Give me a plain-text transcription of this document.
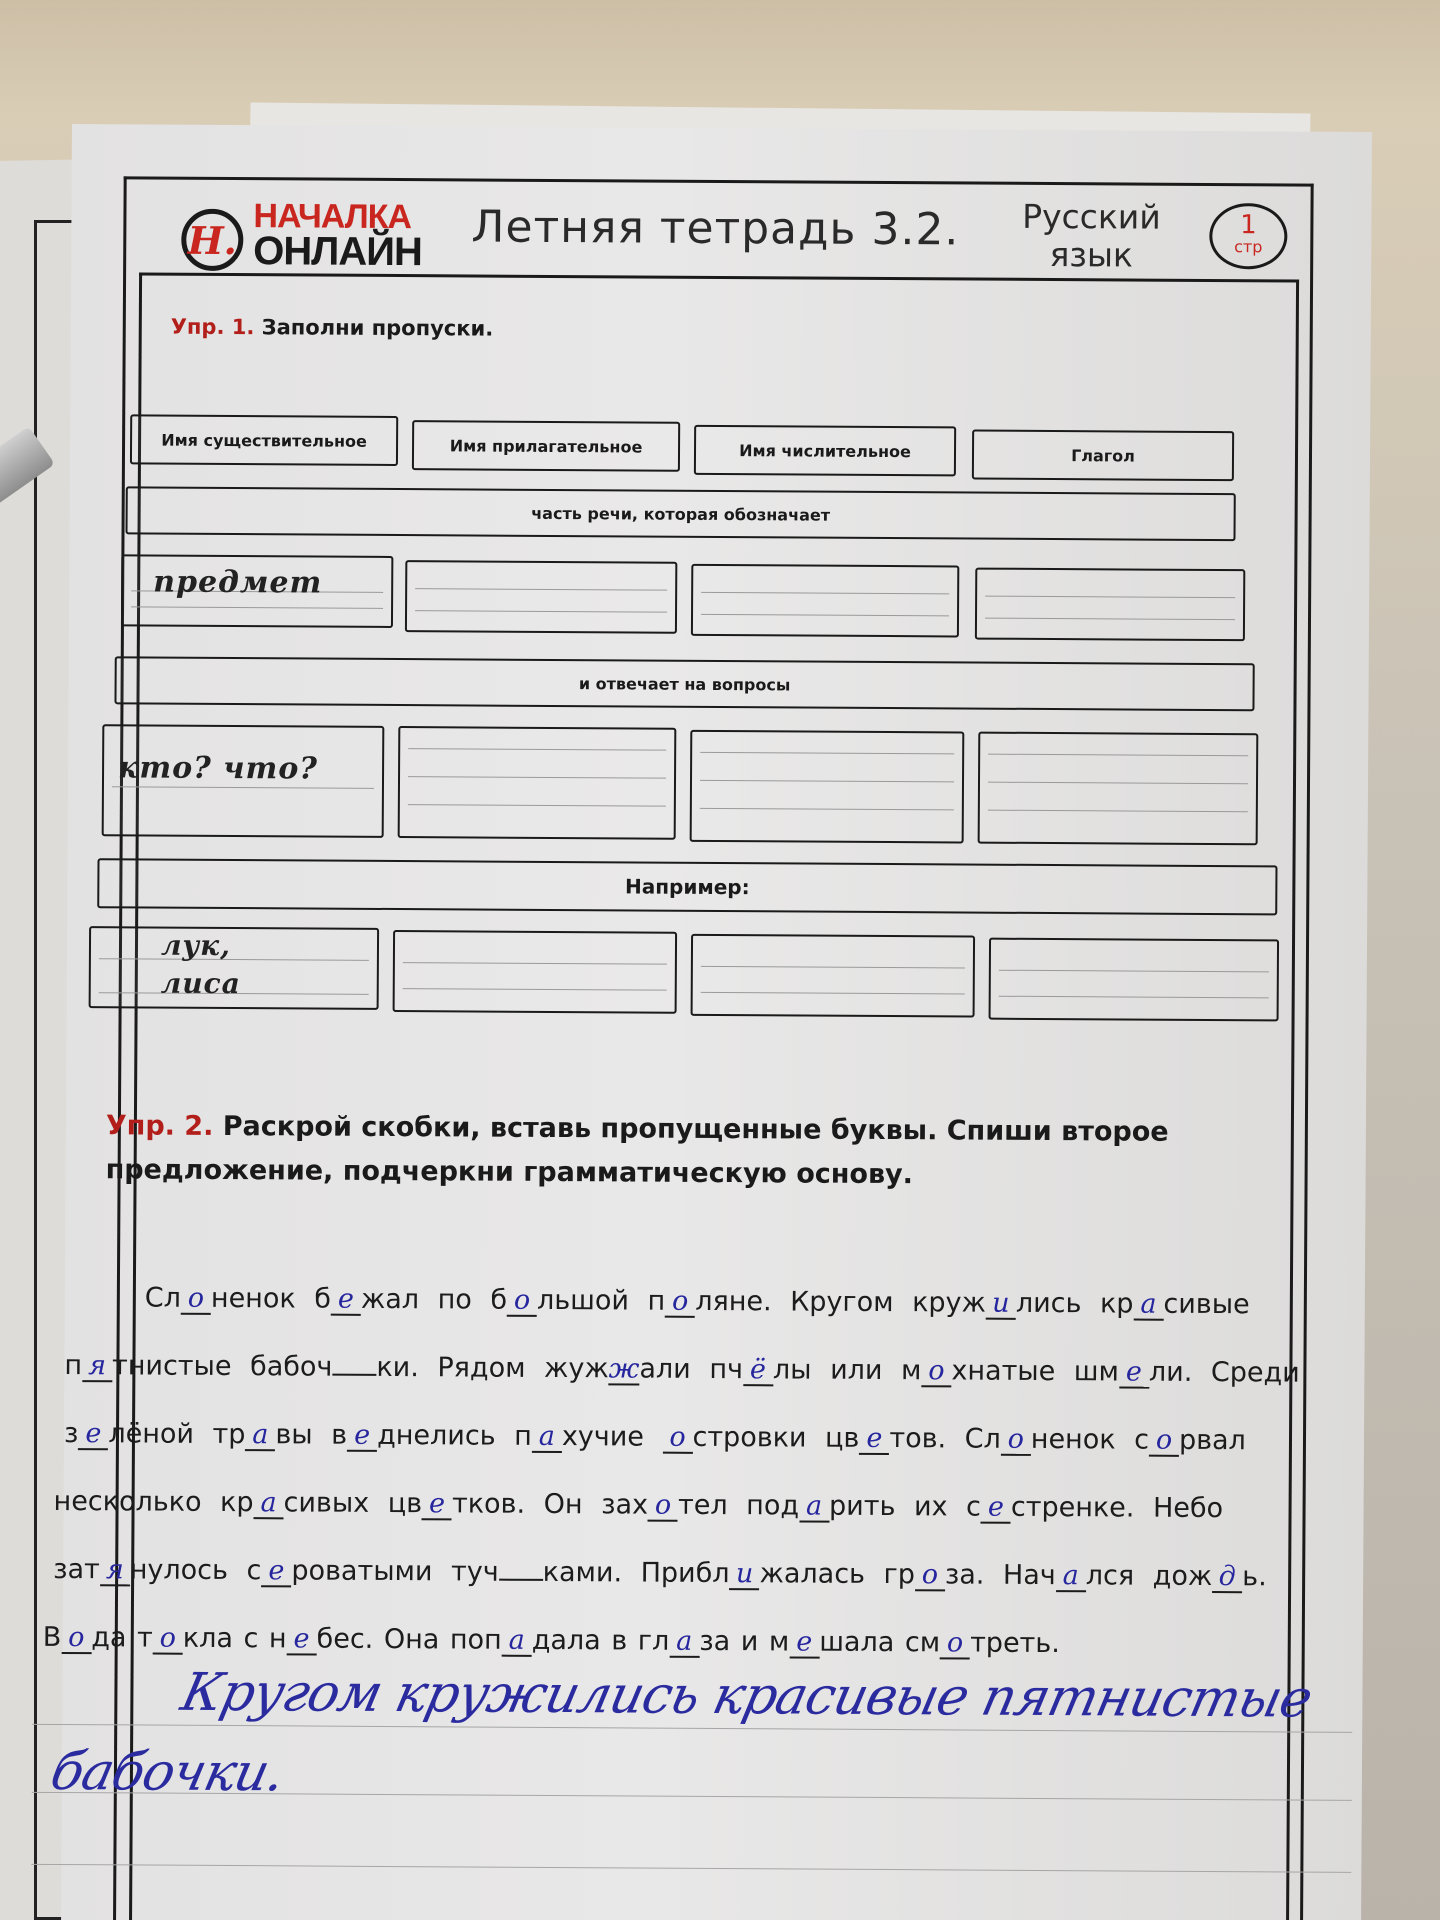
Н.
НАЧАЛКА
ОНЛАЙН Летняя тетрадь 3.2.	Русский
язык
1
стр
Упр. 1. Заполни пропуски.
Имя существительное	Имя прилагательное	Имя числительное	Глагол
часть речи, которая обозначает
предмет
и отвечает на вопросы
кто? что?
Например:
лук,
лиса
Упр. 2. Раскрой скобки, вставь пропущенные буквы. Спиши второе предложение, подчеркни грамматическую основу.
Сл о ненок б е жал по б о льшой п о ляне. Кругом круж и лись кр а сивые
п я тнистые бабоч ки. Рядом жужжали пч ё лы или м о хнатые шм е ли. Среди
з е лёной тр а вы в е днелись п а хучие о стровки цв е тов. Сл о ненок с о рвал
несколько кр а сивых цв е тков. Он зах о тел под а рить их с е стренке. Небо
зат я нулось с е роватыми туч ками. Прибл и жалась гр о за. Нач а лся дож д ь.
В о да т о кла с н е бес. Она поп а дала в гл а за и м е шала см о треть.
Кругом кружились красивые пятнистые
бабочки.
